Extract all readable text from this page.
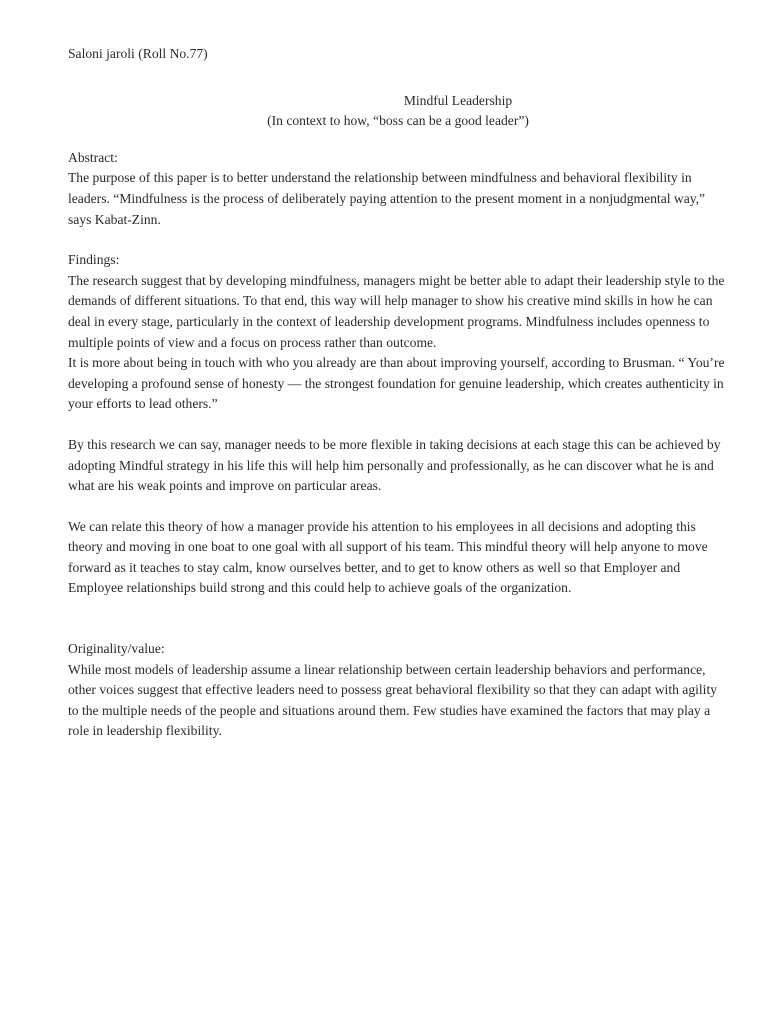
Saloni jaroli (Roll No.77)

Mindful Leadership
(In context to how, “boss can be a good leader”)
Abstract:

The purpose of this paper is to better understand the relationship between mindfulness and behavioral flexibility in leaders. “Mindfulness is the process of deliberately paying attention to the present moment in a nonjudgmental way,” says Kabat-Zinn.

Findings:

The research suggest that by developing mindfulness, managers might be better able to adapt their leadership style to the demands of different situations. To that end, this way will help manager to show his creative mind skills in how he can deal in every stage, particularly in the context of leadership development programs. Mindfulness includes openness to multiple points of view and a focus on process rather than outcome.

It is more about being in touch with who you already are than about improving yourself, according to Brusman. “ You’re developing a profound sense of honesty — the strongest foundation for genuine leadership, which creates authenticity in your efforts to lead others.”

By this research we can say, manager needs to be more flexible in taking decisions at each stage this can be achieved by adopting Mindful strategy in his life this will help him personally and professionally, as he can discover what he is and what are his weak points and improve on particular areas.

We can relate this theory of how a manager provide his attention to his employees in all decisions and adopting this theory and moving in one boat to one goal with all support of his team. This mindful theory will help anyone to move forward as it teaches to stay calm, know ourselves better, and to get to know others as well so that Employer and Employee relationships build strong and this could help to achieve goals of the organization.

Originality/value:

While most models of leadership assume a linear relationship between certain leadership behaviors and performance, other voices suggest that effective leaders need to possess great behavioral flexibility so that they can adapt with agility to the multiple needs of the people and situations around them. Few studies have examined the factors that may play a role in leadership flexibility.
